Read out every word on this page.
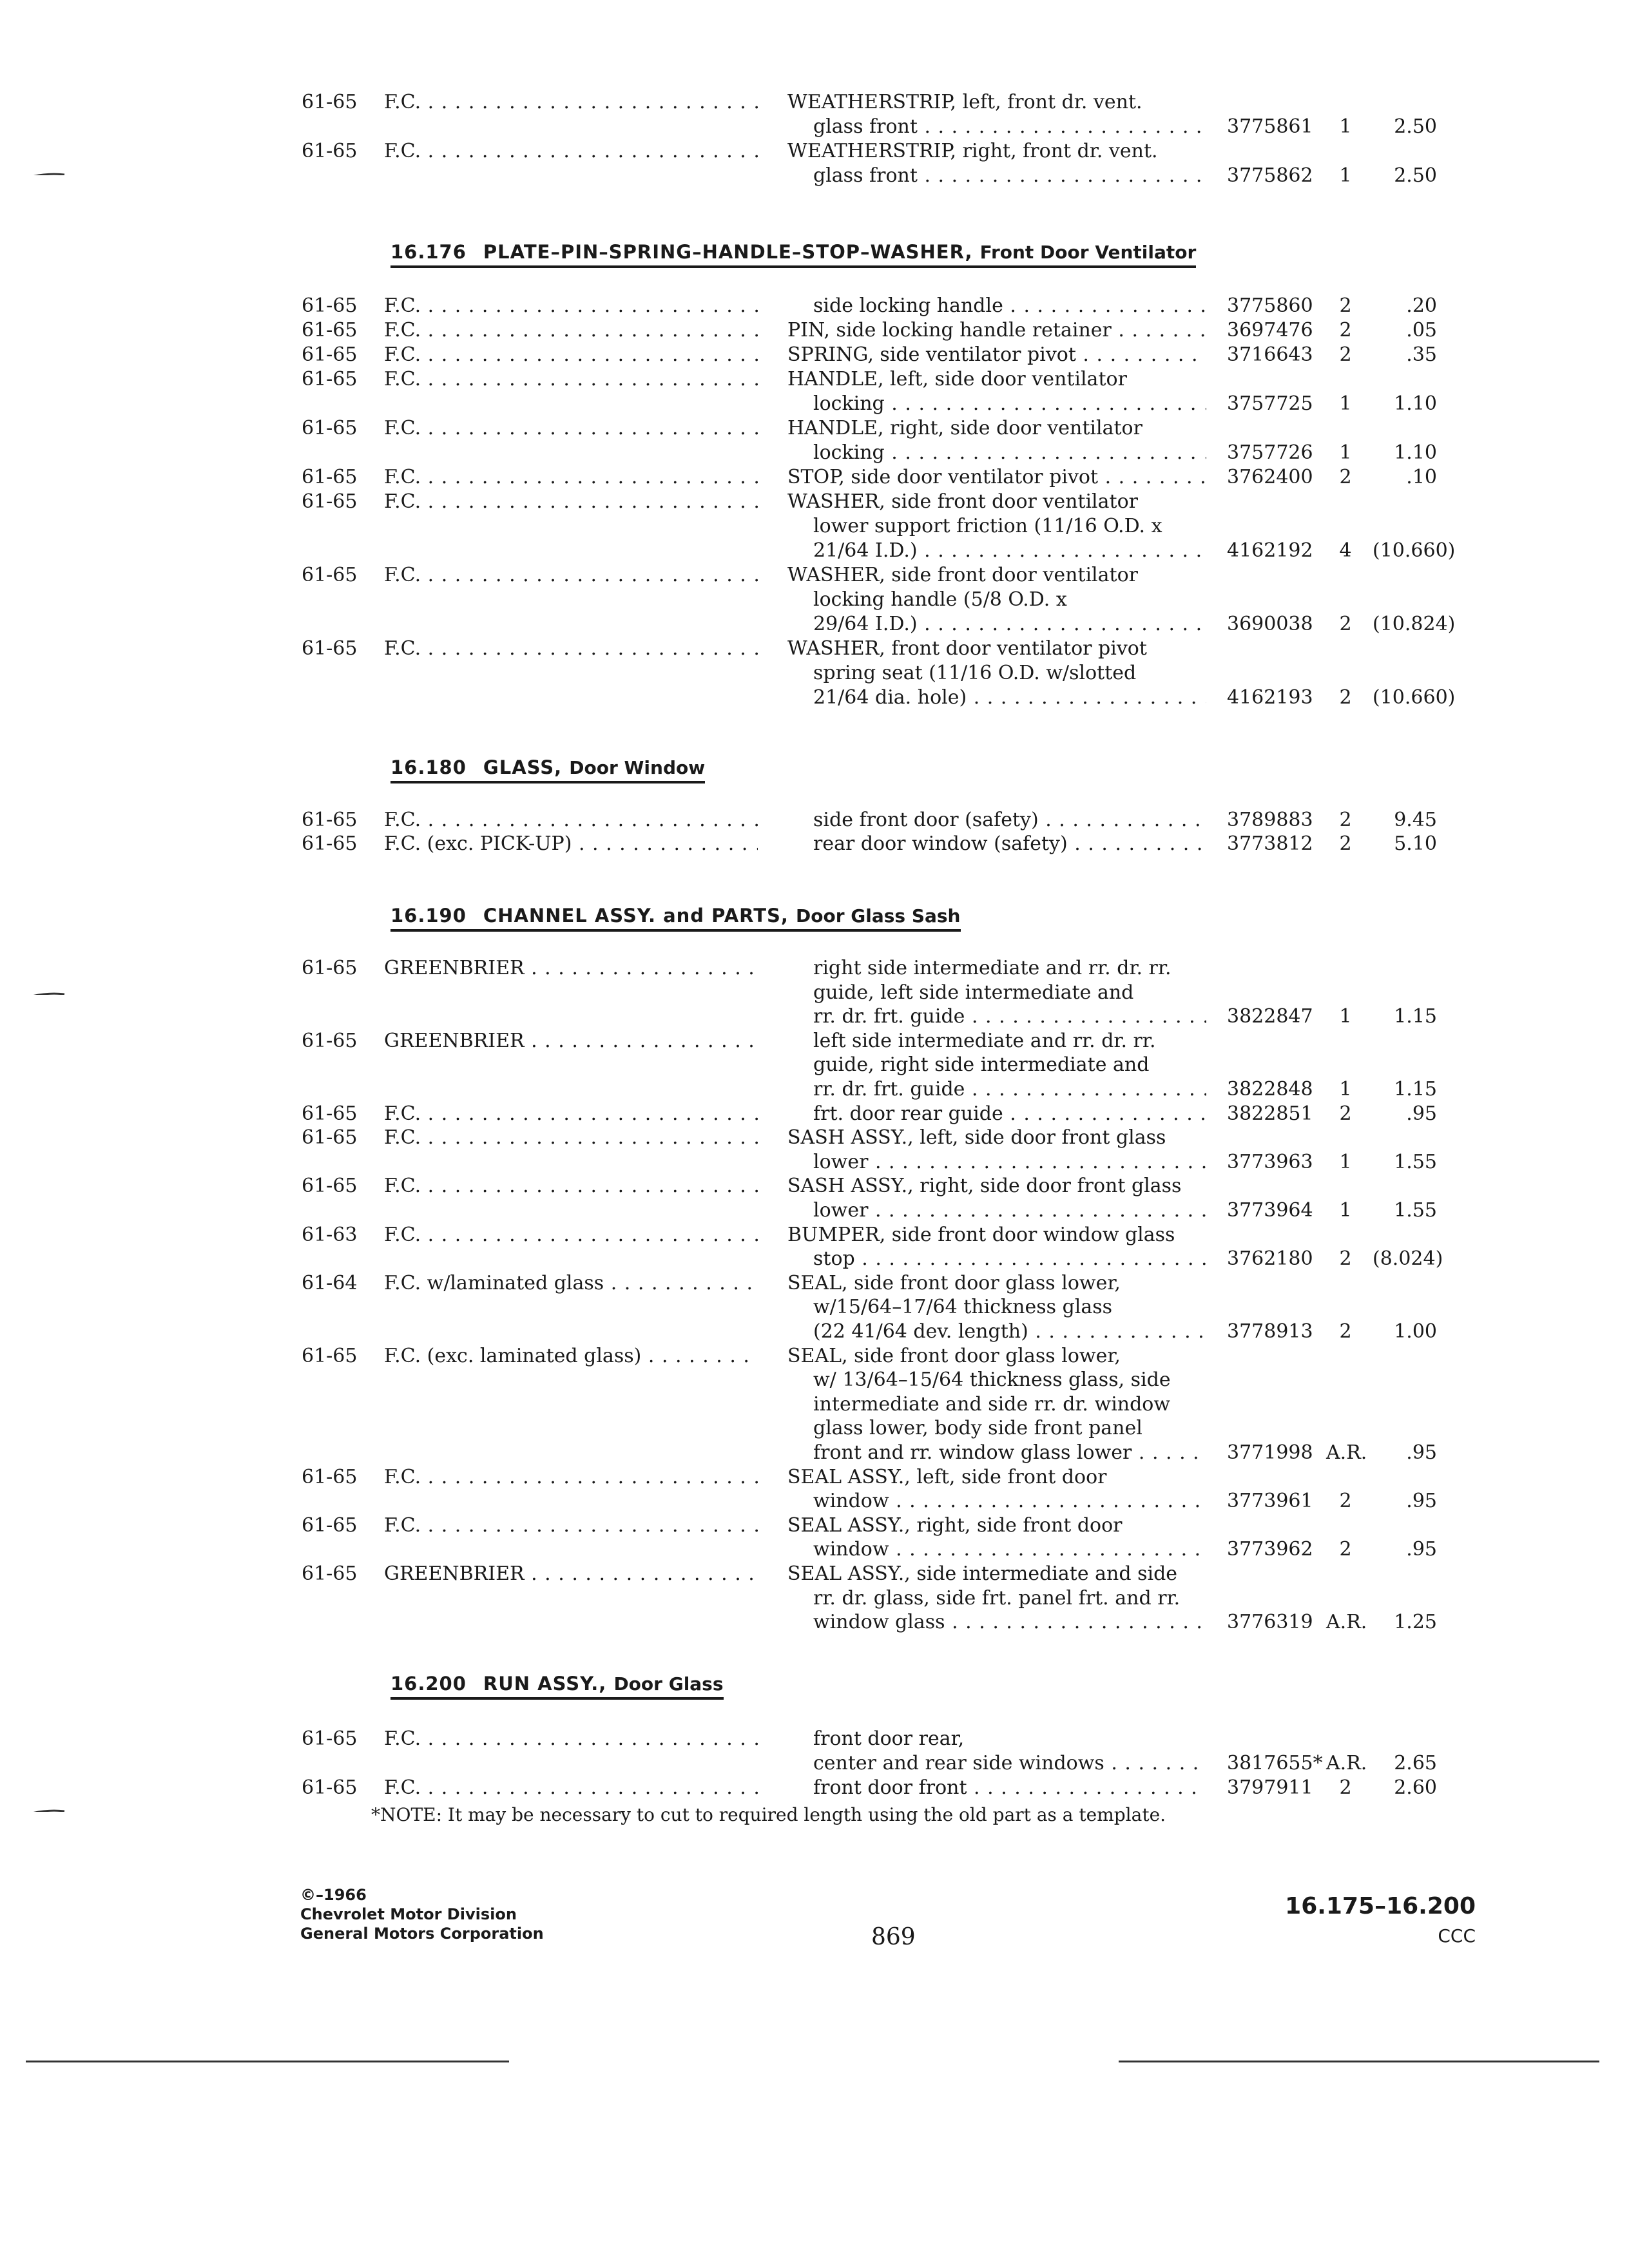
61-65 F.C. . . .	WEATHERSTRIP, left, front dr. vent.
glass front . . .	3775861	1	2.50
61-65 F.C. . . .	WEATHERSTRIP, right, front dr. vent.
glass front . . .	3775862	1	2.50
16.176 PLATE–PIN–SPRING–HANDLE–STOP–WASHER, Front Door Ventilator
61-65 F.C. . . .	side locking handle . . .	3775860	2	.20
61-65 F.C. . . .	PIN, side locking handle retainer . . .	3697476	2	.05
61-65 F.C. . . .	SPRING, side ventilator pivot . . .	3716643	2	.35
61-65 F.C. . . .	HANDLE, left, side door ventilator
locking . . .	3757725	1	1.10
61-65 F.C. . . .	HANDLE, right, side door ventilator
locking . . .	3757726	1	1.10
61-65 F.C. . . .	STOP, side door ventilator pivot . . .	3762400	2	.10
61-65 F.C. . . .	WASHER, side front door ventilator
lower support friction (11/16 O.D. x
21/64 I.D.) . . .	4162192	4	(10.660)
61-65 F.C. . . .	WASHER, side front door ventilator
locking handle (5/8 O.D. x
29/64 I.D.) . . .	3690038	2	(10.824)
61-65 F.C. . . .	WASHER, front door ventilator pivot
spring seat (11/16 O.D. w/slotted
21/64 dia. hole) . . .	4162193	2	(10.660)
16.180 GLASS, Door Window
61-65 F.C. . . .	side front door (safety) . . .	3789883	2	9.45
61-65 F.C. (exc. PICK-UP) . . .	rear door window (safety) . . .	3773812	2	5.10
16.190 CHANNEL ASSY. and PARTS, Door Glass Sash
61-65 GREENBRIER . . .	right side intermediate and rr. dr. rr.
guide, left side intermediate and
rr. dr. frt. guide . . .	3822847	1	1.15
61-65 GREENBRIER . . .	left side intermediate and rr. dr. rr.
guide, right side intermediate and
rr. dr. frt. guide . . .	3822848	1	1.15
61-65 F.C. . . .	frt. door rear guide . . .	3822851	2	.95
61-65 F.C. . . .	SASH ASSY., left, side door front glass
lower . . .	3773963	1	1.55
61-65 F.C. . . .	SASH ASSY., right, side door front glass
lower . . .	3773964	1	1.55
61-63 F.C. . . .	BUMPER, side front door window glass
stop . . .	3762180	2	(8.024)
61-64 F.C. w/laminated glass . . .	SEAL, side front door glass lower,
w/15/64–17/64 thickness glass
(22 41/64 dev. length) . . .	3778913	2	1.00
61-65 F.C. (exc. laminated glass) . . .	SEAL, side front door glass lower,
w/ 13/64–15/64 thickness glass, side
intermediate and side rr. dr. window
glass lower, body side front panel
front and rr. window glass lower . . .	3771998 A.R.	.95
61-65 F.C. . . .	SEAL ASSY., left, side front door
window . . .	3773961	2	.95
61-65 F.C. . . .	SEAL ASSY., right, side front door
window . . .	3773962	2	.95
61-65 GREENBRIER . . .	SEAL ASSY., side intermediate and side
rr. dr. glass, side frt. panel frt. and rr.
window glass . . .	3776319 A.R.	1.25
16.200 RUN ASSY., Door Glass
61-65 F.C. . . .	front door rear,
center and rear side windows . . .	3817655* A.R.	2.65
61-65 F.C. . . .	front door front . . .	3797911	2	2.60
*NOTE: It may be necessary to cut to required length using the old part as a template.
©–1966
Chevrolet Motor Division
General Motors Corporation	869
16.175–16.200
CCC
